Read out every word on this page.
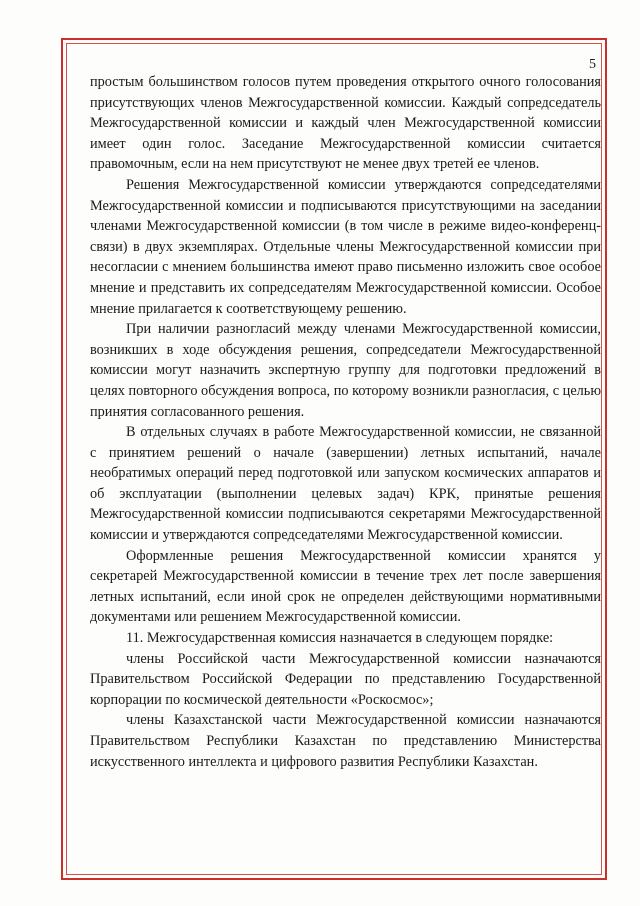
5

простым большинством голосов путем проведения открытого очного голосования присутствующих членов Межгосударственной комиссии. Каждый сопредседатель Межгосударственной комиссии и каждый член Межгосударственной комиссии имеет один голос. Заседание Межгосударственной комиссии считается правомочным, если на нем присутствуют не менее двух третей ее членов.

Решения Межгосударственной комиссии утверждаются сопредседателями Межгосударственной комиссии и подписываются присутствующими на заседании членами Межгосударственной комиссии (в том числе в режиме видео-конференц-связи) в двух экземплярах. Отдельные члены Межгосударственной комиссии при несогласии с мнением большинства имеют право письменно изложить свое особое мнение и представить их сопредседателям Межгосударственной комиссии. Особое мнение прилагается к соответствующему решению.

При наличии разногласий между членами Межгосударственной комиссии, возникших в ходе обсуждения решения, сопредседатели Межгосударственной комиссии могут назначить экспертную группу для подготовки предложений в целях повторного обсуждения вопроса, по которому возникли разногласия, с целью принятия согласованного решения.

В отдельных случаях в работе Межгосударственной комиссии, не связанной с принятием решений о начале (завершении) летных испытаний, начале необратимых операций перед подготовкой или запуском космических аппаратов и об эксплуатации (выполнении целевых задач) КРК, принятые решения Межгосударственной комиссии подписываются секретарями Межгосударственной комиссии и утверждаются сопредседателями Межгосударственной комиссии.

Оформленные решения Межгосударственной комиссии хранятся у секретарей Межгосударственной комиссии в течение трех лет после завершения летных испытаний, если иной срок не определен действующими нормативными документами или решением Межгосударственной комиссии.

11. Межгосударственная комиссия назначается в следующем порядке:

члены Российской части Межгосударственной комиссии назначаются Правительством Российской Федерации по представлению Государственной корпорации по космической деятельности «Роскосмос»;

члены Казахстанской части Межгосударственной комиссии назначаются Правительством Республики Казахстан по представлению Министерства искусственного интеллекта и цифрового развития Республики Казахстан.
